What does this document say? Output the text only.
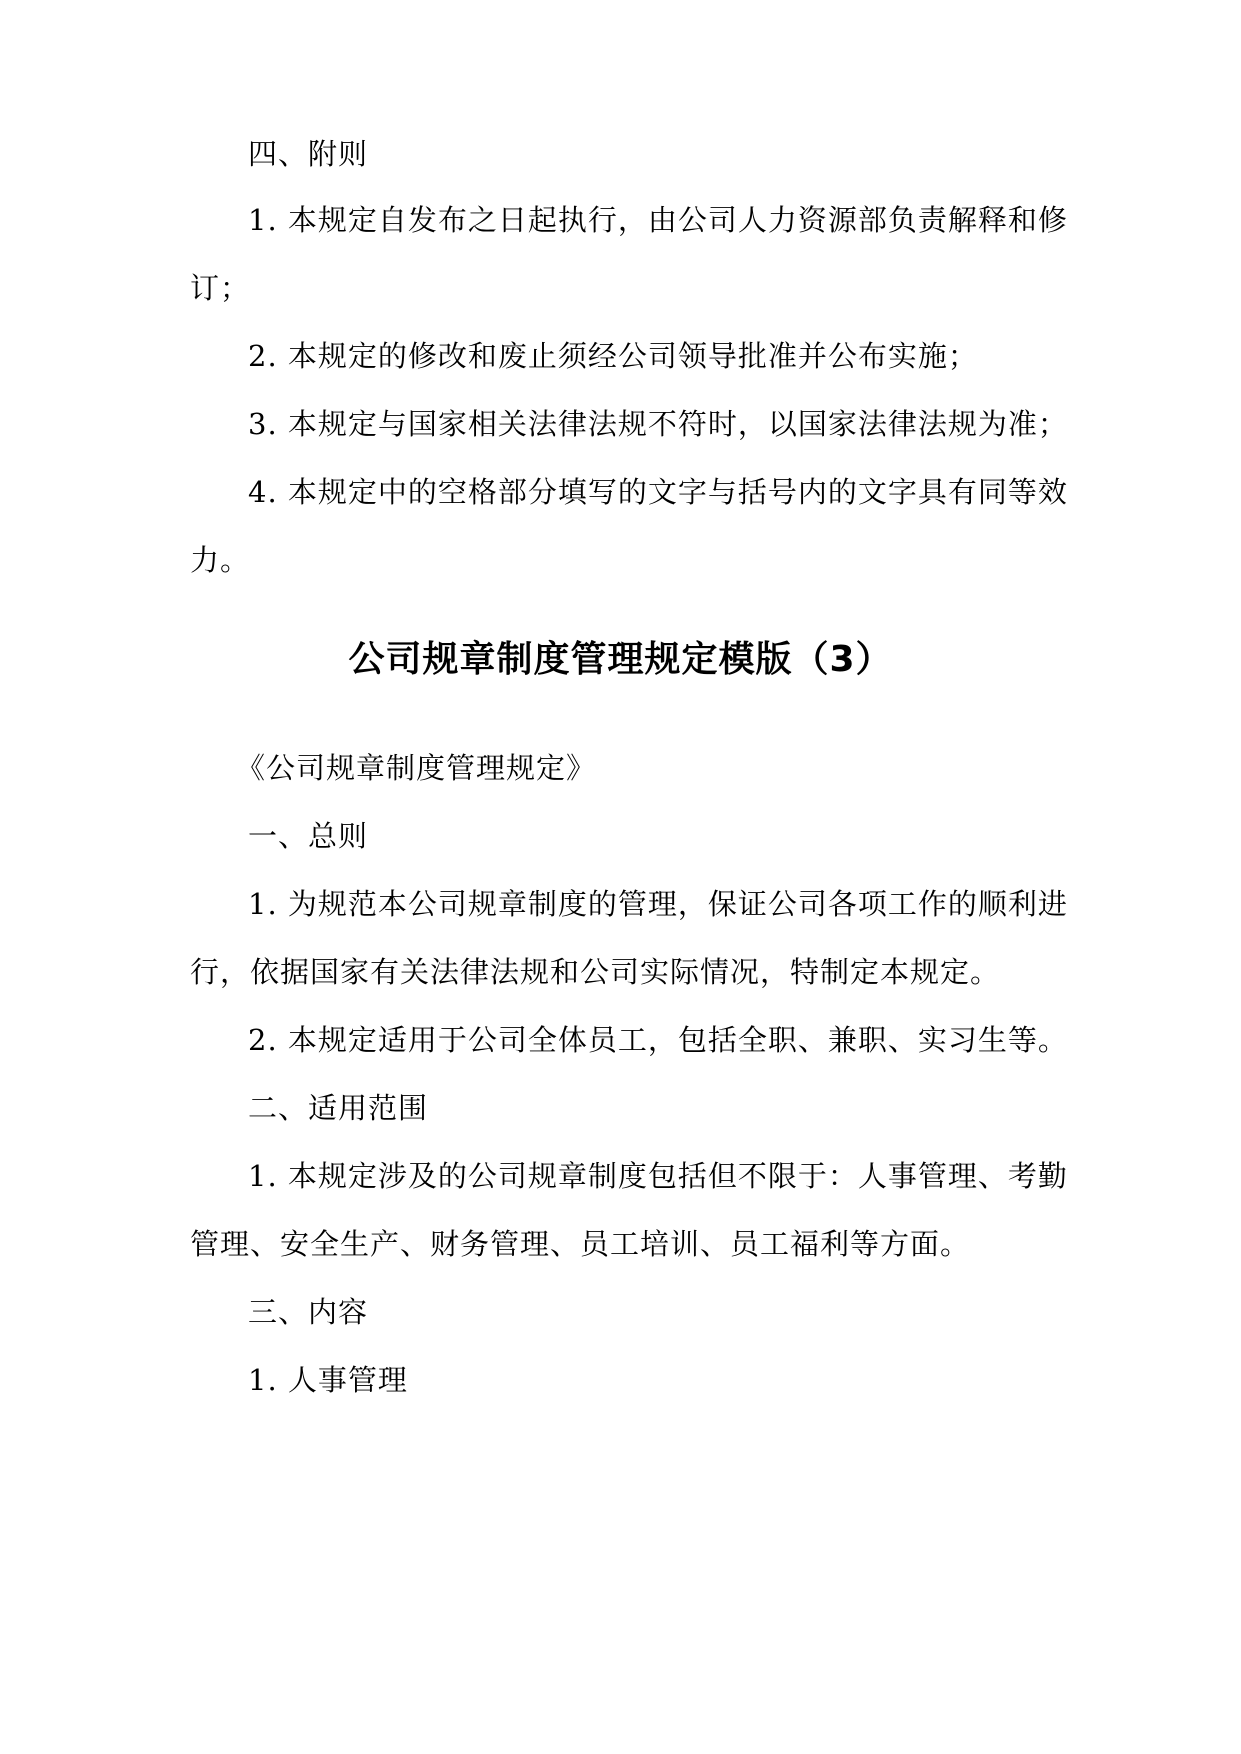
四、附则
1. 本规定自发布之日起执行，由公司人力资源部负责解释和修
订；
2. 本规定的修改和废止须经公司领导批准并公布实施；
3. 本规定与国家相关法律法规不符时，以国家法律法规为准；
4. 本规定中的空格部分填写的文字与括号内的文字具有同等效
力。
公司规章制度管理规定模版（3）
《公司规章制度管理规定》
一、总则
1. 为规范本公司规章制度的管理，保证公司各项工作的顺利进
行，依据国家有关法律法规和公司实际情况，特制定本规定。
2. 本规定适用于公司全体员工，包括全职、兼职、实习生等。
二、适用范围
1. 本规定涉及的公司规章制度包括但不限于：人事管理、考勤
管理、安全生产、财务管理、员工培训、员工福利等方面。
三、内容
1. 人事管理
